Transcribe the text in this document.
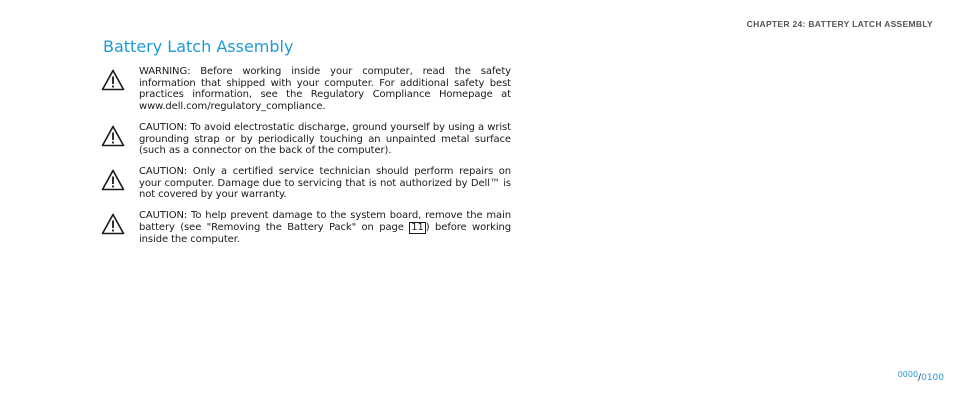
CHAPTER 24: BATTERY LATCH ASSEMBLY
Battery Latch Assembly
WARNING: Before working inside your computer, read the safety information that shipped with your computer. For additional safety best practices information, see the Regulatory Compliance Homepage at www.dell.com/regulatory_compliance.
CAUTION: To avoid electrostatic discharge, ground yourself by using a wrist grounding strap or by periodically touching an unpainted metal surface (such as a connector on the back of the computer).
CAUTION: Only a certified service technician should perform repairs on your computer. Damage due to servicing that is not authorized by Dell™ is not covered by your warranty.
CAUTION: To help prevent damage to the system board, remove the main battery (see "Removing the Battery Pack" on page 11 ) before working inside the computer.
0000/0100
